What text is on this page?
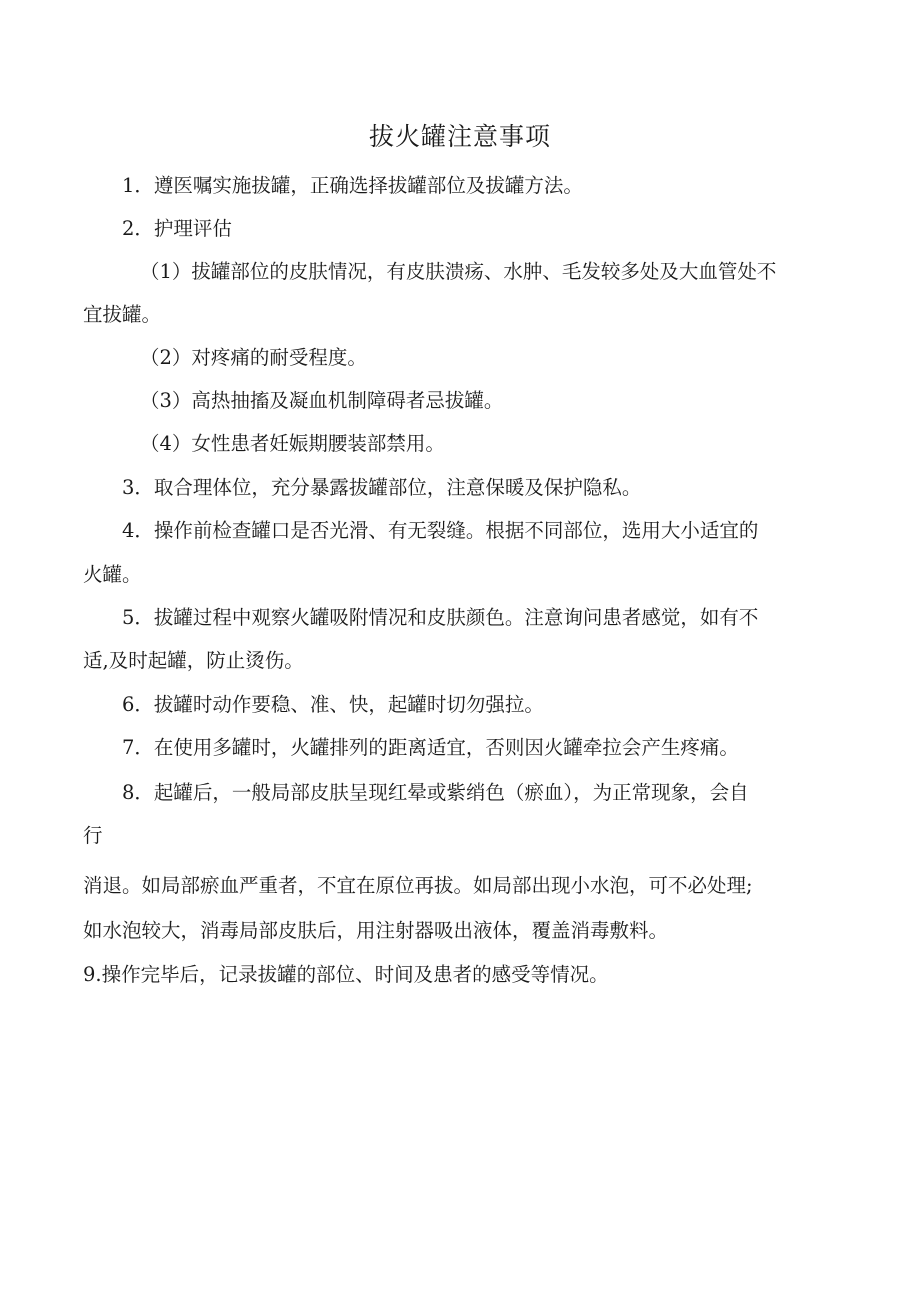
拔火罐注意事项
1．遵医嘱实施拔罐，正确选择拔罐部位及拔罐方法。
2．护理评估
（1）拔罐部位的皮肤情况，有皮肤溃疡、水肿、毛发较多处及大血管处不
宜拔罐。
（2）对疼痛的耐受程度。
（3）高热抽搐及凝血机制障碍者忌拔罐。
（4）女性患者妊娠期腰装部禁用。
3．取合理体位，充分暴露拔罐部位，注意保暖及保护隐私。
4．操作前检查罐口是否光滑、有无裂缝。根据不同部位，选用大小适宜的
火罐。
5．拔罐过程中观察火罐吸附情况和皮肤颜色。注意询问患者感觉，如有不
适,及时起罐，防止烫伤。
6．拔罐时动作要稳、准、快，起罐时切勿强拉。
7．在使用多罐时，火罐排列的距离适宜，否则因火罐牵拉会产生疼痛。
8．起罐后，一般局部皮肤呈现红晕或紫绡色（瘀血），为正常现象，会自
行
消退。如局部瘀血严重者，不宜在原位再拔。如局部出现小水泡，可不必处理;
如水泡较大，消毒局部皮肤后，用注射器吸出液体，覆盖消毒敷料。
9.操作完毕后，记录拔罐的部位、时间及患者的感受等情况。
